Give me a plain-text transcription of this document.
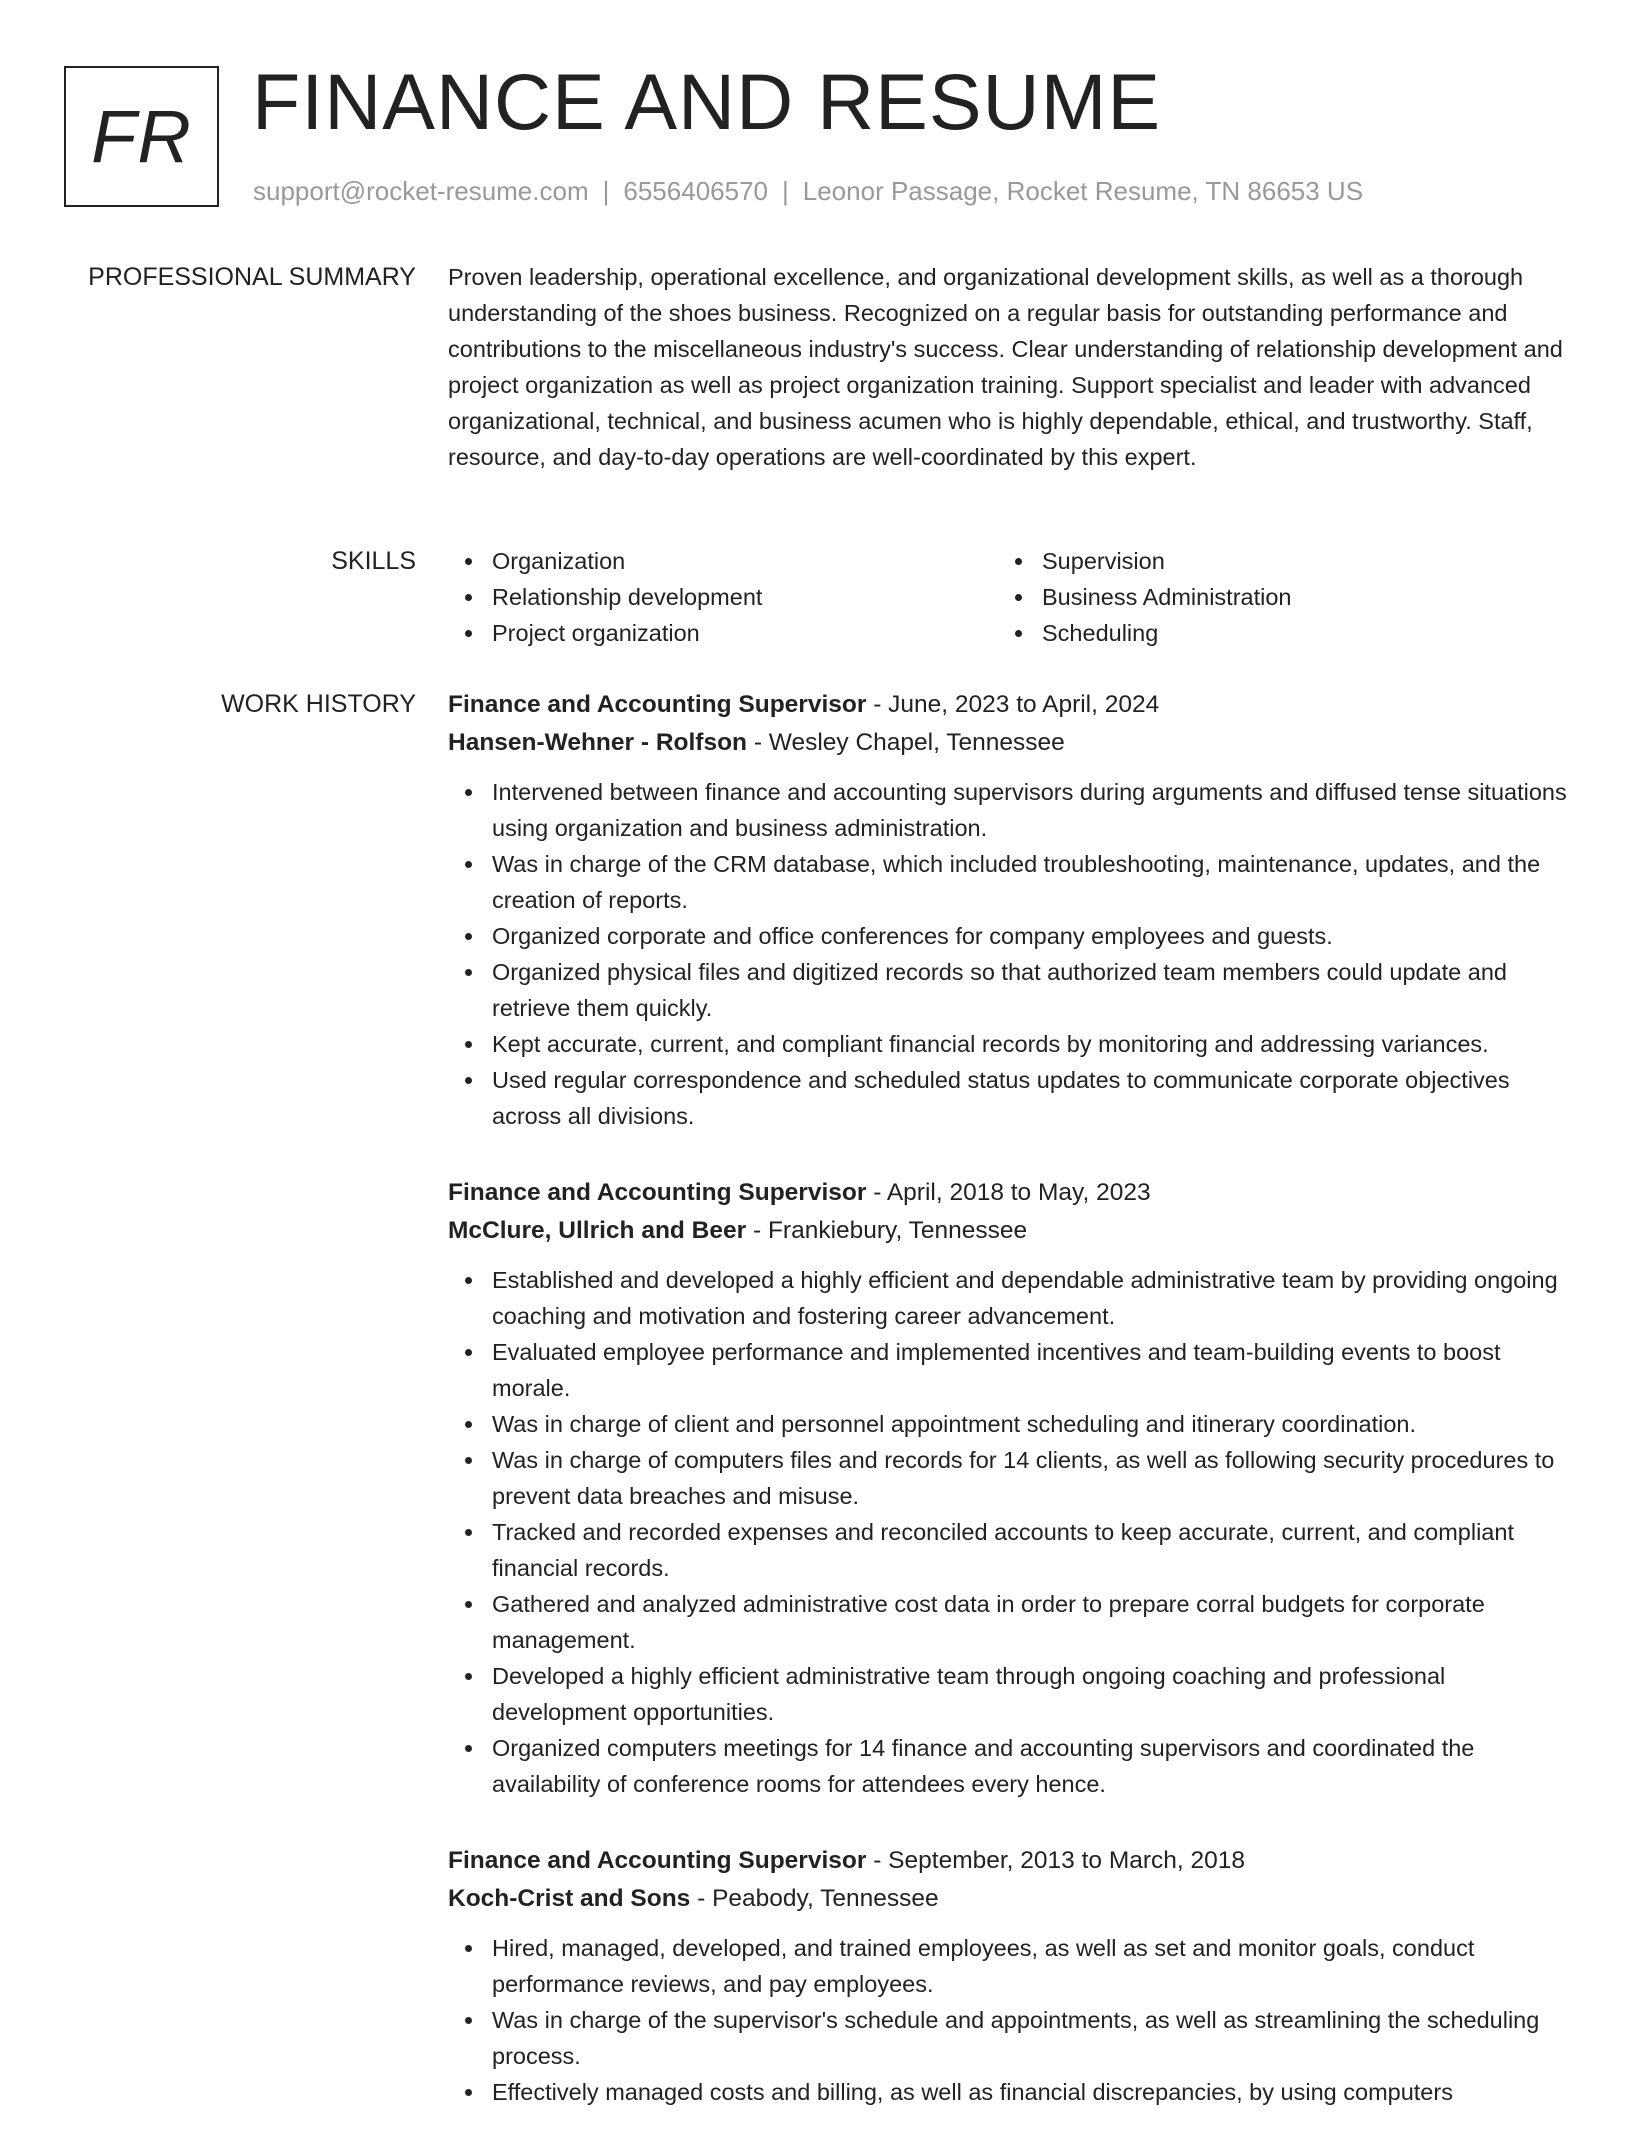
FR FINANCE AND RESUME
support@rocket-resume.com | 6556406570 | Leonor Passage, Rocket Resume, TN 86653 US
PROFESSIONAL SUMMARY Proven leadership, operational excellence, and organizational development skills, as well as a thorough understanding of the shoes business. Recognized on a regular basis for outstanding performance and contributions to the miscellaneous industry's success. Clear understanding of relationship development and project organization as well as project organization training. Support specialist and leader with advanced organizational, technical, and business acumen who is highly dependable, ethical, and trustworthy. Staff, resource, and day-to-day operations are well-coordinated by this expert.

SKILLS	Organization
Relationship development
Project organization
Supervision
Business Administration
Scheduling
WORK HISTORY Finance and Accounting Supervisor - June, 2023 to April, 2024
Hansen-Wehner - Rolfson - Wesley Chapel, Tennessee
Intervened between finance and accounting supervisors during arguments and diffused tense situations using organization and business administration.
Was in charge of the CRM database, which included troubleshooting, maintenance, updates, and the creation of reports.
Organized corporate and office conferences for company employees and guests.
Organized physical files and digitized records so that authorized team members could update and retrieve them quickly.
Kept accurate, current, and compliant financial records by monitoring and addressing variances.
Used regular correspondence and scheduled status updates to communicate corporate objectives across all divisions.
Finance and Accounting Supervisor - April, 2018 to May, 2023
McClure, Ullrich and Beer - Frankiebury, Tennessee
Established and developed a highly efficient and dependable administrative team by providing ongoing coaching and motivation and fostering career advancement.
Evaluated employee performance and implemented incentives and team-building events to boost morale.
Was in charge of client and personnel appointment scheduling and itinerary coordination.
Was in charge of computers files and records for 14 clients, as well as following security procedures to prevent data breaches and misuse.
Tracked and recorded expenses and reconciled accounts to keep accurate, current, and compliant financial records.
Gathered and analyzed administrative cost data in order to prepare corral budgets for corporate management.
Developed a highly efficient administrative team through ongoing coaching and professional development opportunities.
Organized computers meetings for 14 finance and accounting supervisors and coordinated the availability of conference rooms for attendees every hence.
Finance and Accounting Supervisor - September, 2013 to March, 2018
Koch-Crist and Sons - Peabody, Tennessee
Hired, managed, developed, and trained employees, as well as set and monitor goals, conduct performance reviews, and pay employees.
Was in charge of the supervisor's schedule and appointments, as well as streamlining the scheduling process.
Effectively managed costs and billing, as well as financial discrepancies, by using computers
